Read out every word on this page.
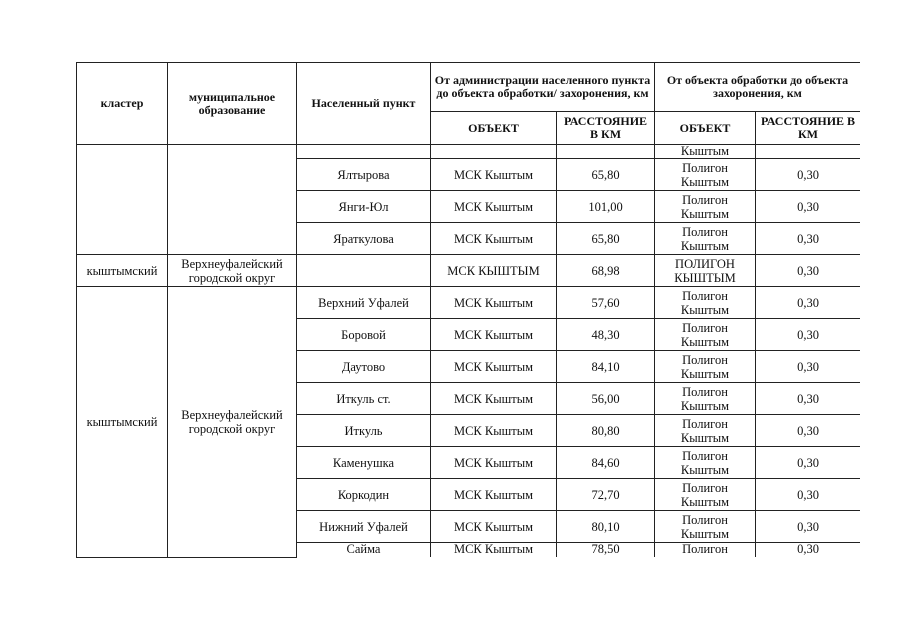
кластер	муниципальное образование	Населенный пункт	От администрации населенного пункта до объекта обработки/ захоронения, км		От объекта обработки до объекта захоронения, км	
			ОБЪЕКТ	РАССТОЯНИЕ В КМ	ОБЪЕКТ	РАССТОЯНИЕ В КМ
					Кыштым	
		Ялтырова	МСК Кыштым	65,80	Полигон Кыштым	0,30
		Янги-Юл	МСК Кыштым	101,00	Полигон Кыштым	0,30
		Яраткулова	МСК Кыштым	65,80	Полигон Кыштым	0,30
кыштымский	Верхнеуфалейский городской округ		МСК КЫШТЫМ	68,98	ПОЛИГОН КЫШТЫМ	0,30
кыштымский	Верхнеуфалейский городской округ	Верхний Уфалей	МСК Кыштым	57,60	Полигон Кыштым	0,30
		Боровой	МСК Кыштым	48,30	Полигон Кыштым	0,30
		Даутово	МСК Кыштым	84,10	Полигон Кыштым	0,30
		Иткуль ст.	МСК Кыштым	56,00	Полигон Кыштым	0,30
		Иткуль	МСК Кыштым	80,80	Полигон Кыштым	0,30
		Каменушка	МСК Кыштым	84,60	Полигон Кыштым	0,30
		Коркодин	МСК Кыштым	72,70	Полигон Кыштым	0,30
		Нижний Уфалей	МСК Кыштым	80,10	Полигон Кыштым	0,30
		Сайма	МСК Кыштым	78,50	Полигон	0,30
